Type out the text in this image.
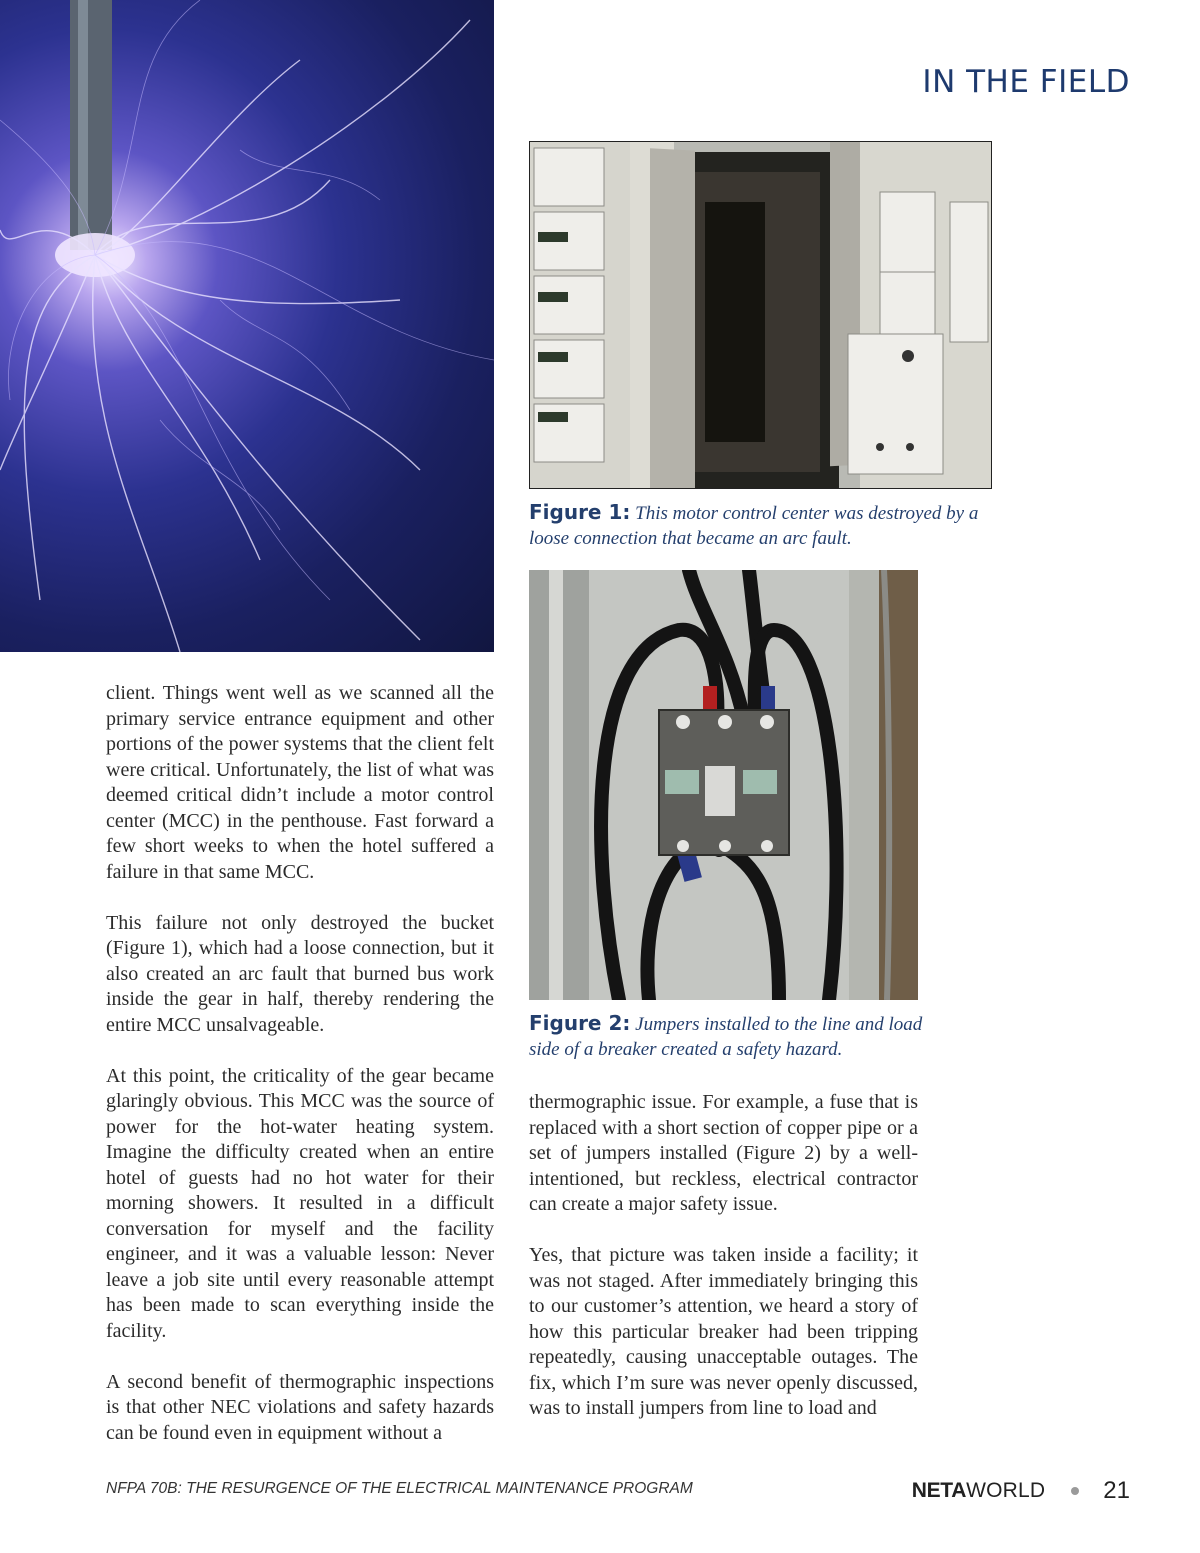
IN THE FIELD
Figure 1: This motor control center was destroyed by a loose connection that became an arc fault.
Figure 2: Jumpers installed to the line and load side of a breaker created a safety hazard.

client. Things went well as we scanned all the primary service entrance equipment and other portions of the power systems that the client felt were critical. Unfortunately, the list of what was deemed critical didn’t include a motor control center (MCC) in the penthouse. Fast forward a few short weeks to when the hotel suffered a failure in that same MCC.

This failure not only destroyed the bucket (Figure 1), which had a loose connection, but it also created an arc fault that burned bus work inside the gear in half, thereby rendering the entire MCC unsalvageable.

At this point, the criticality of the gear became glaringly obvious. This MCC was the source of power for the hot-water heating system. Imagine the difficulty created when an entire hotel of guests had no hot water for their morning showers. It resulted in a difficult conversation for myself and the facility engineer, and it was a valuable lesson: Never leave a job site until every reasonable attempt has been made to scan everything inside the facility.

A second benefit of thermographic inspections is that other NEC violations and safety hazards can be found even in equipment without a

thermographic issue. For example, a fuse that is replaced with a short section of copper pipe or a set of jumpers installed (Figure 2) by a well-intentioned, but reckless, electrical contractor can create a major safety issue.

Yes, that picture was taken inside a facility; it was not staged. After immediately bringing this to our customer’s attention, we heard a story of how this particular breaker had been tripping repeatedly, causing unacceptable outages. The fix, which I’m sure was never openly discussed, was to install jumpers from line to load and

NFPA 70B: THE RESURGENCE OF THE ELECTRICAL MAINTENANCE PROGRAM	NETA WORLD 21
